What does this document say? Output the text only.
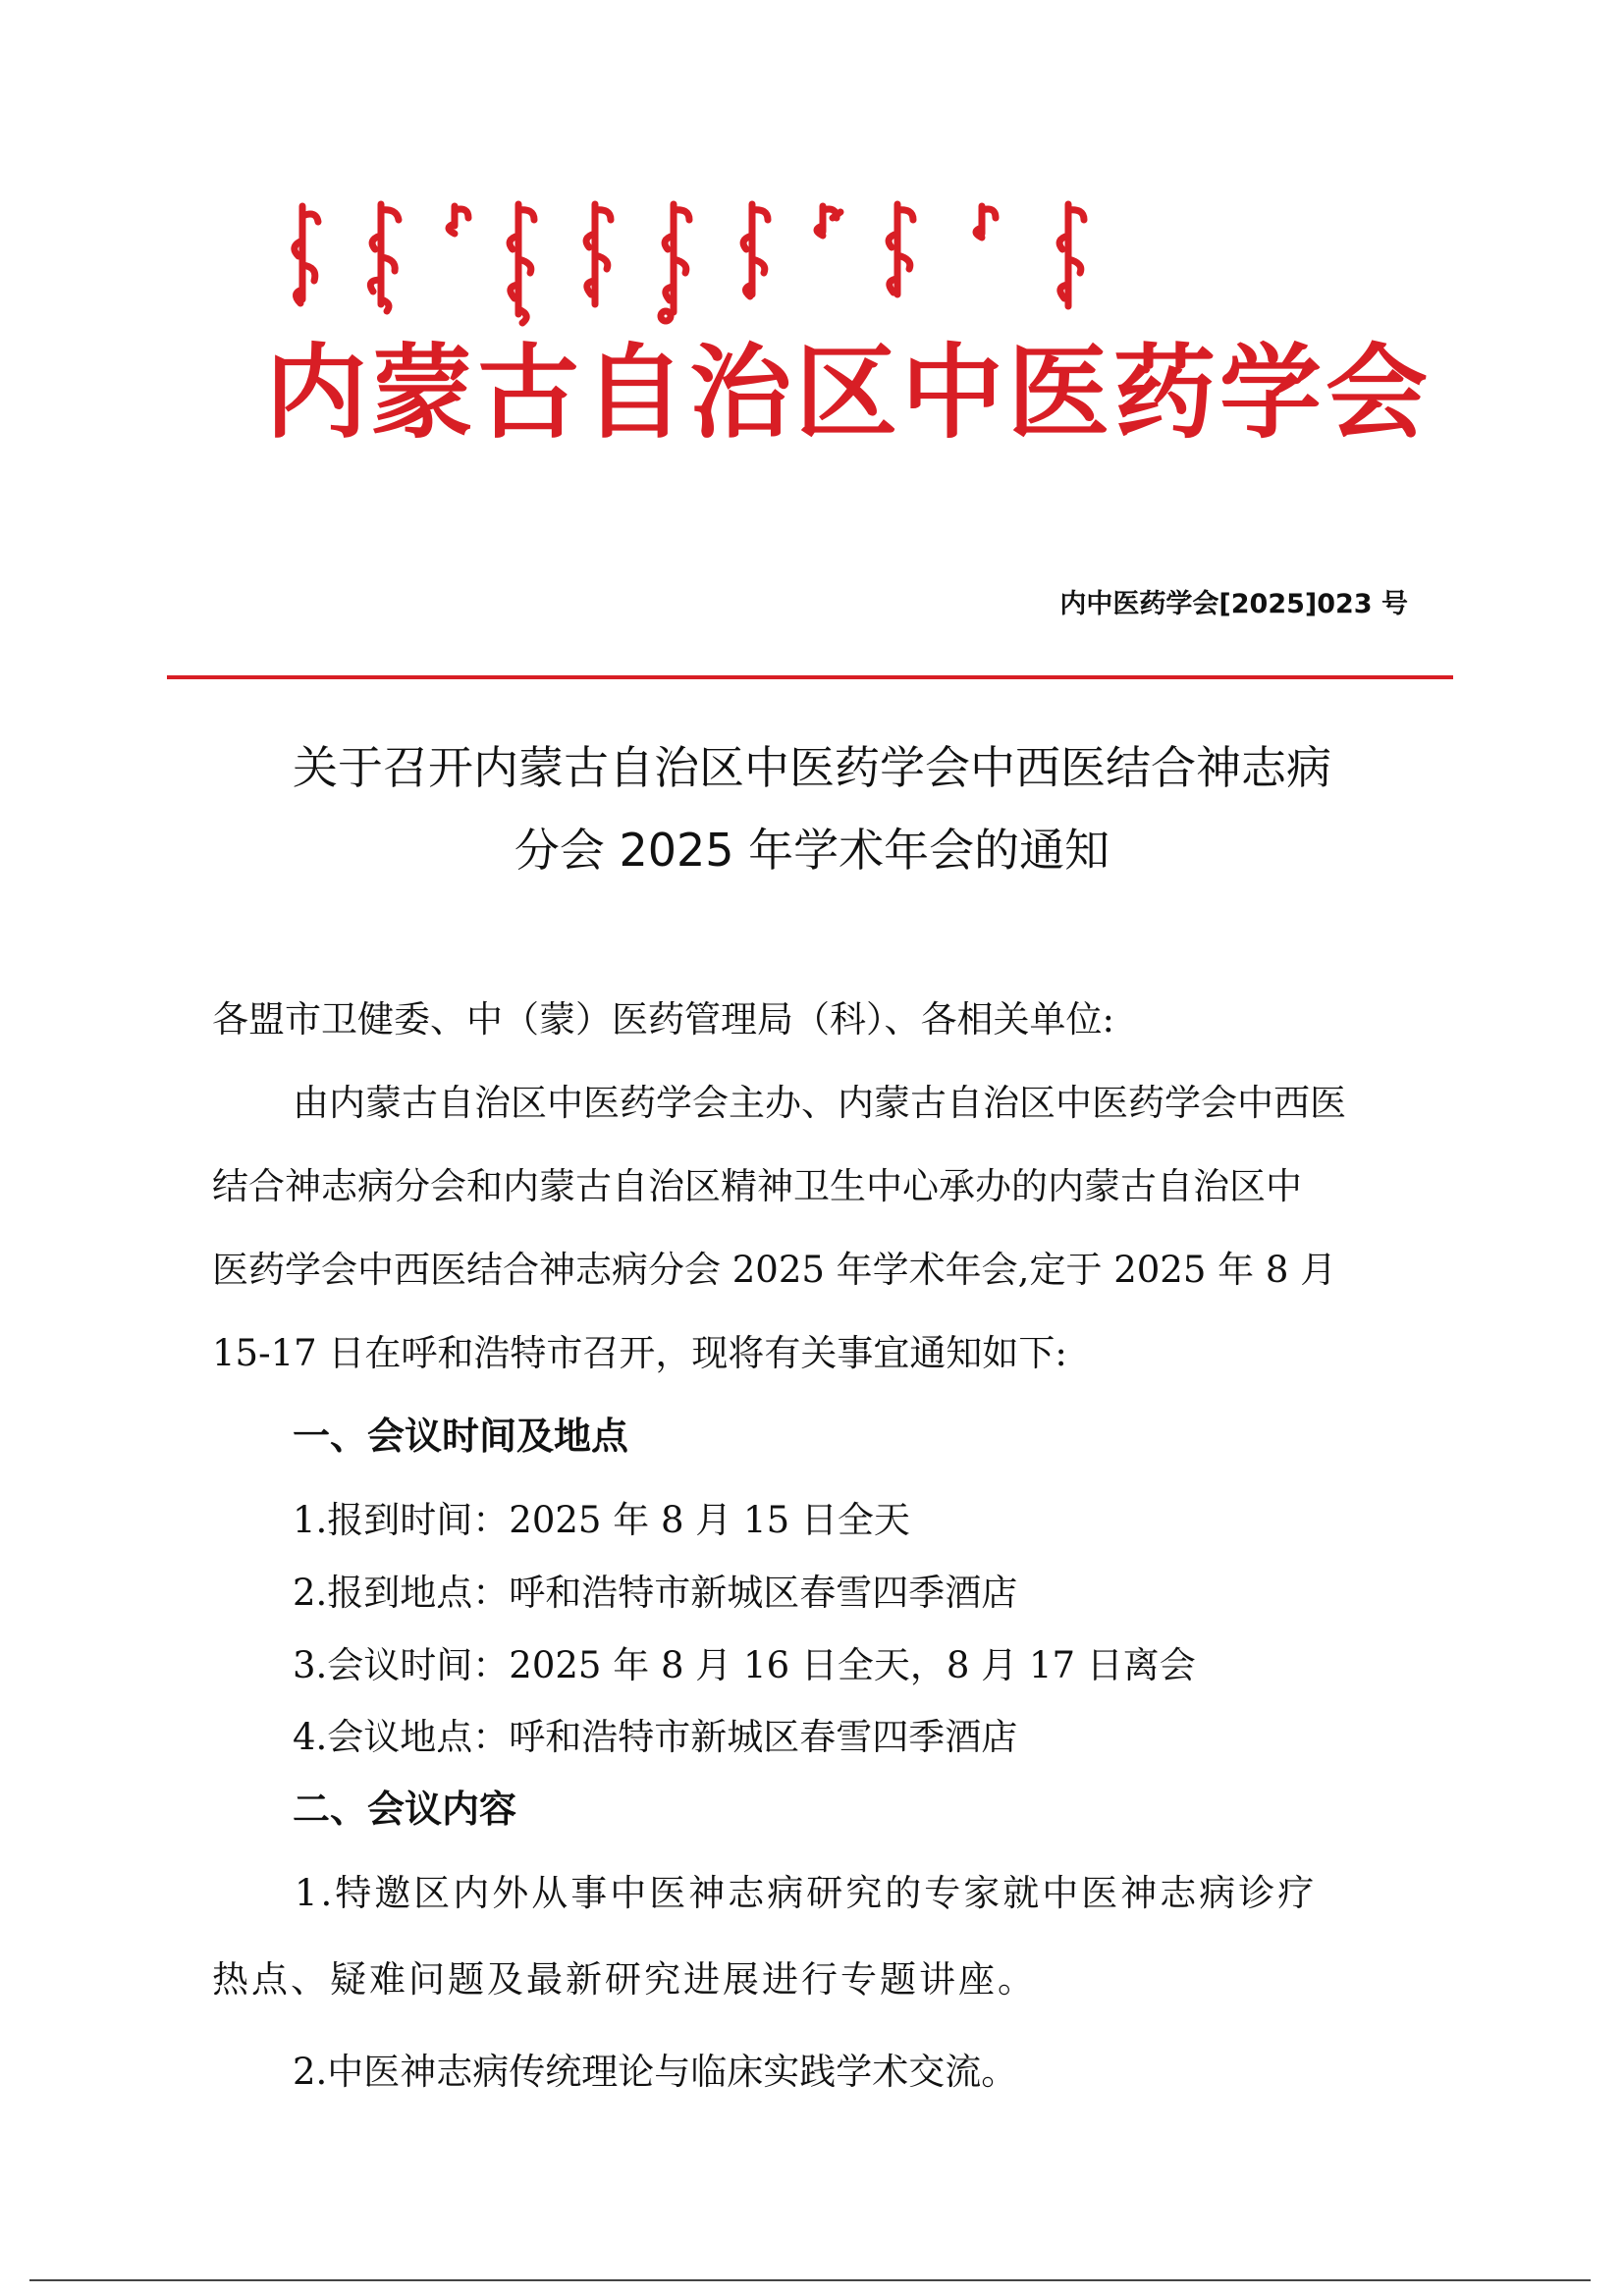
内蒙古自治区中医药学会
内中医药学会[2025]023 号
关于召开内蒙古自治区中医药学会中西医结合神志病
分会 2025 年学术年会的通知
各盟市卫健委、中（蒙）医药管理局（科）、各相关单位:
由内蒙古自治区中医药学会主办、内蒙古自治区中医药学会中西医
结合神志病分会和内蒙古自治区精神卫生中心承办的内蒙古自治区中
医药学会中西医结合神志病分会 2025 年学术年会,定于 2025 年 8 月
15-17 日在呼和浩特市召开，现将有关事宜通知如下:
一、会议时间及地点
1.报到时间：2025 年 8 月 15 日全天
2.报到地点：呼和浩特市新城区春雪四季酒店
3.会议时间：2025 年 8 月 16 日全天，8 月 17 日离会
4.会议地点：呼和浩特市新城区春雪四季酒店
二、会议内容
1.特邀区内外从事中医神志病研究的专家就中医神志病诊疗
热点、疑难问题及最新研究进展进行专题讲座。
2.中医神志病传统理论与临床实践学术交流。
